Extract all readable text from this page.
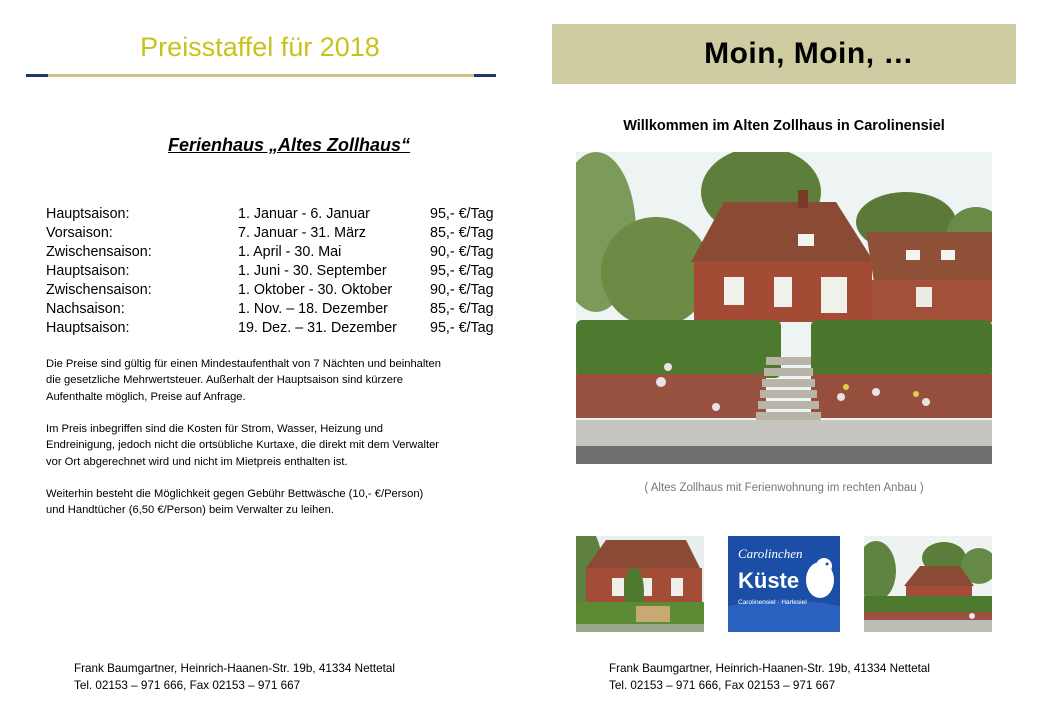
Preisstaffel für 2018
Ferienhaus „Altes Zollhaus“
Hauptsaison:	1. Januar - 6. Januar	95,- €/Tag
Vorsaison:	7. Januar - 31. März	85,- €/Tag
Zwischensaison:	1. April - 30. Mai	90,- €/Tag
Hauptsaison:	1. Juni - 30. September	95,- €/Tag
Zwischensaison:	1. Oktober - 30. Oktober	90,- €/Tag
Nachsaison:	1. Nov. – 18. Dezember	85,- €/Tag
Hauptsaison:	19. Dez. – 31. Dezember 95,- €/Tag
Die Preise sind gültig für einen Mindestaufenthalt von 7 Nächten und beinhalten
die gesetzliche Mehrwertsteuer. Außerhalt der Hauptsaison sind kürzere
Aufenthalte möglich, Preise auf Anfrage.
Im Preis inbegriffen sind die Kosten für Strom, Wasser, Heizung und
Endreinigung, jedoch nicht die ortsübliche Kurtaxe, die direkt mit dem Verwalter
vor Ort abgerechnet wird und nicht im Mietpreis enthalten ist.
Weiterhin besteht die Möglichkeit gegen Gebühr Bettwäsche (10,- €/Person)
und Handtücher (6,50 €/Person) beim Verwalter zu leihen.
Frank Baumgartner, Heinrich-Haanen-Str. 19b, 41334 Nettetal
Tel. 02153 – 971 666, Fax 02153 – 971 667
Moin, Moin, …
Willkommen im Alten Zollhaus in Carolinensiel
( Altes Zollhaus mit Ferienwohnung im rechten Anbau )
Carolinchen
Küste
Carolinensiel · Harlesiel
Frank Baumgartner, Heinrich-Haanen-Str. 19b, 41334 Nettetal
Tel. 02153 – 971 666, Fax 02153 – 971 667
